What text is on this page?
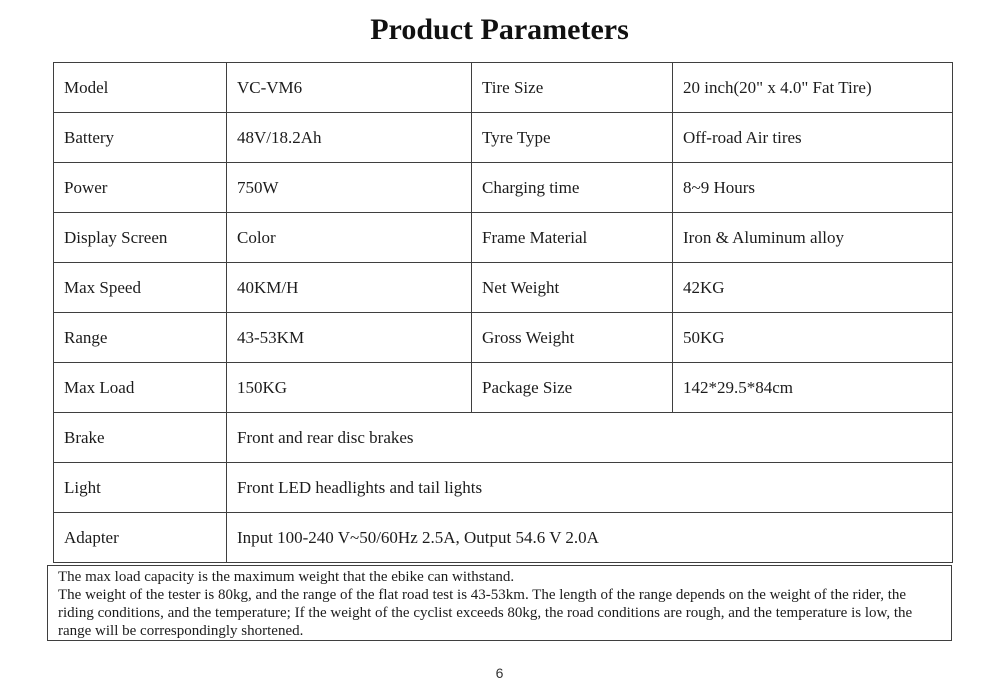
Product Parameters
Model	VC-VM6	Tire Size	20 inch(20" x 4.0" Fat Tire)
Battery	48V/18.2Ah	Tyre Type	Off-road Air tires
Power	750W	Charging time	8~9 Hours
Display Screen	Color	Frame Material	Iron & Aluminum alloy
Max Speed	40KM/H	Net Weight	42KG
Range	43-53KM	Gross Weight	50KG
Max Load	150KG	Package Size	142*29.5*84cm
Brake	Front and rear disc brakes		
Light	Front LED headlights and tail lights		
Adapter	Input 100-240 V~50/60Hz 2.5A, Output 54.6 V 2.0A		
The max load capacity is the maximum weight that the ebike can withstand.
The weight of the tester is 80kg, and the range of the flat road test is 43-53km. The length of the range depends on the weight of the rider, the riding conditions, and the temperature; If the weight of the cyclist exceeds 80kg, the road conditions are rough, and the temperature is low, the range will be correspondingly shortened.
6
